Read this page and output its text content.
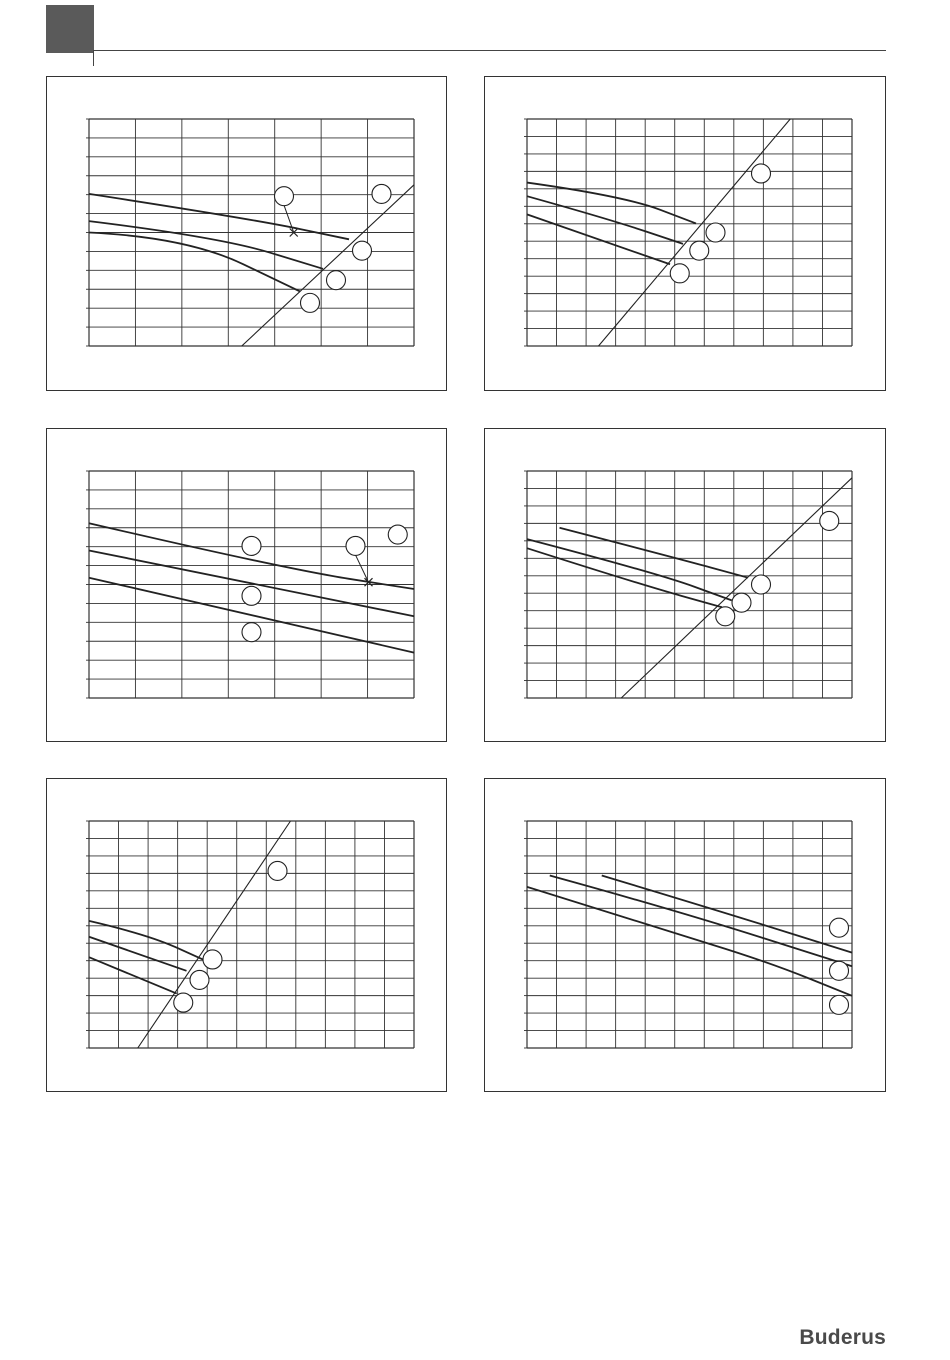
Buderus
